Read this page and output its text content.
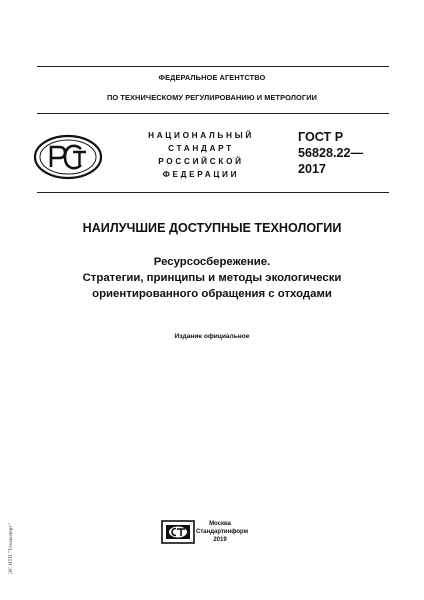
ФЕДЕРАЛЬНОЕ АГЕНТСТВО
ПО ТЕХНИЧЕСКОМУ РЕГУЛИРОВАНИЮ И МЕТРОЛОГИИ
НАЦИОНАЛЬНЫЙ
СТАНДАРТ
РОССИЙСКОЙ
ФЕДЕРАЦИИ
ГОСТ Р
56828.22—
2017
НАИЛУЧШИЕ ДОСТУПНЫЕ ТЕХНОЛОГИИ
Ресурсосбережение.
Стратегии, принципы и методы экологически
ориентированного обращения с отходами
Издание официальное
Москва
Стандартинформ
2019
ЭС НТП "Техэксперт"
